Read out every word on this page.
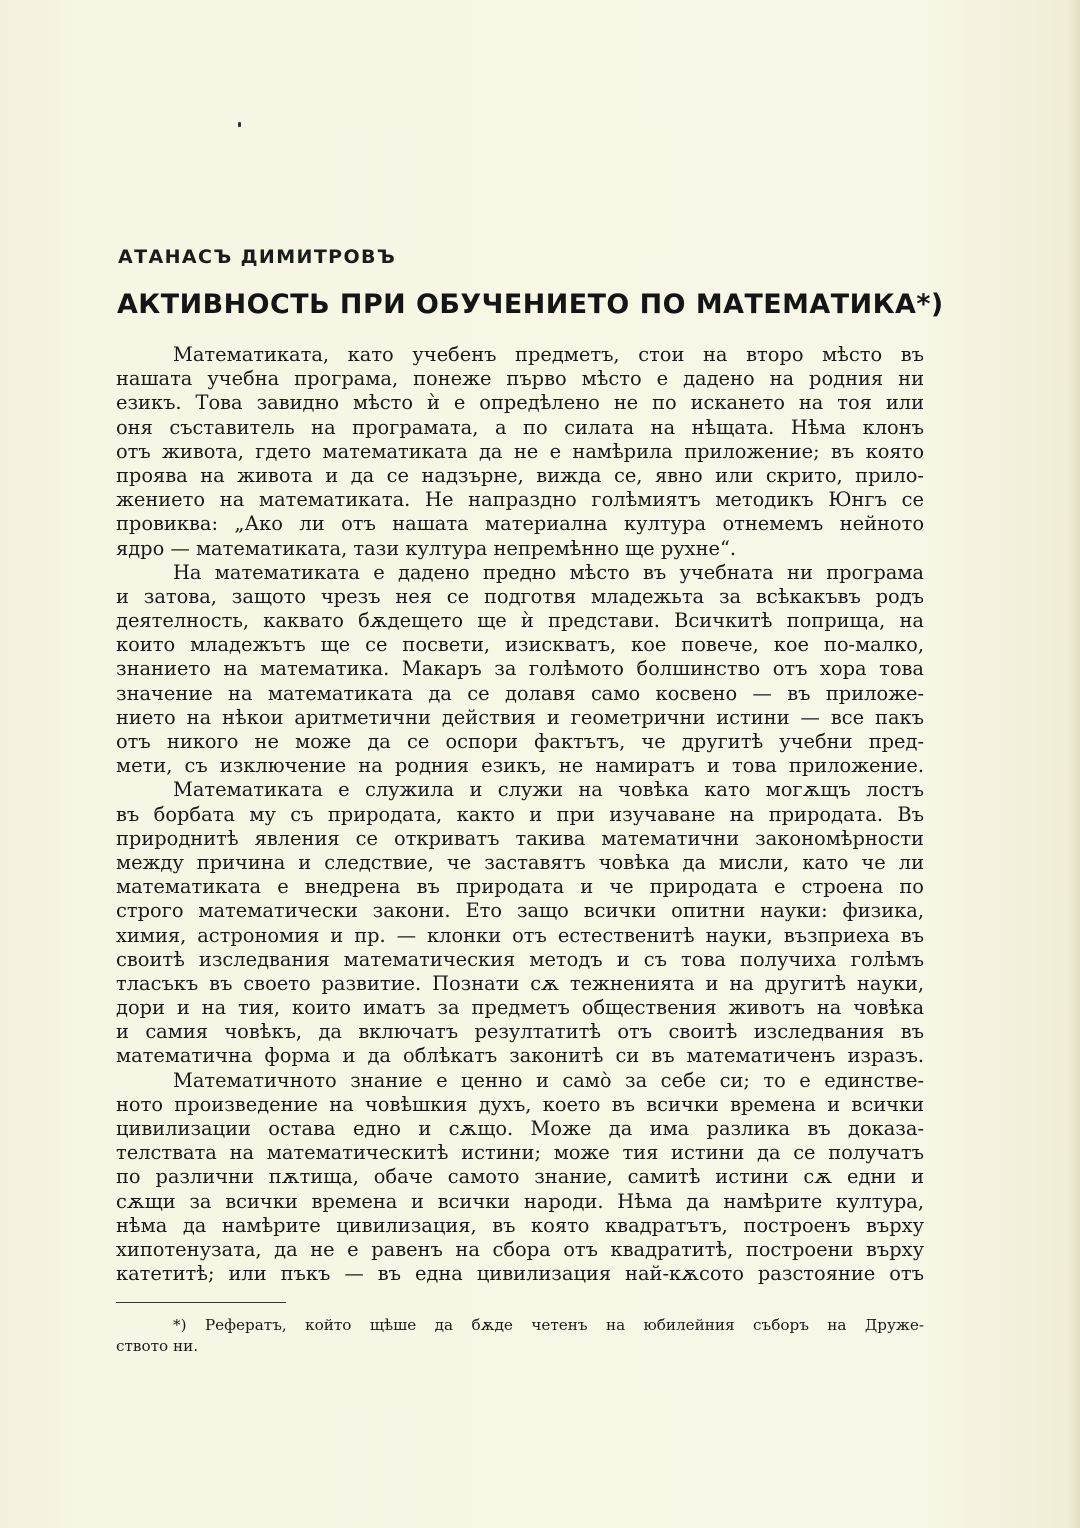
АТАНАСЪ ДИМИТРОВЪ
АКТИВНОСТЬ ПРИ ОБУЧЕНИЕТО ПО МАТЕМАТИКА*)
Математиката, като учебенъ предметъ, стои на второ мѣсто въ
нашата учебна програма, понеже първо мѣсто е дадено на родния ни
езикъ. Това завидно мѣсто ѝ е опредѣлено не по искането на тоя или
оня съставитель на програмата, а по силата на нѣщата. Нѣма клонъ
отъ живота, гдето математиката да не е намѣрила приложение; въ която
проява на живота и да се надзърне, вижда се, явно или скрито, прило-
жението на математиката. Не напраздно голѣмиятъ методикъ Юнгъ се
провиква: „Ако ли отъ нашата материална култура отнемемъ нейното
ядро — математиката, тази култура непремѣнно ще рухне“.
На математиката е дадено предно мѣсто въ учебната ни програма
и затова, защото чрезъ нея се подготвя младежьта за всѣкакъвъ родъ
деятелность, каквато бѫдещето ще ѝ представи. Всичкитѣ поприща, на
които младежътъ ще се посвети, изискватъ, кое повече, кое по-малко,
знанието на математика. Макаръ за голѣмото болшинство отъ хора това
значение на математиката да се долавя само косвено — въ приложе-
нието на нѣкои аритметични действия и геометрични истини — все пакъ
отъ никого не може да се оспори фактътъ, че другитѣ учебни пред-
мети, съ изключение на родния езикъ, не намиратъ и това приложение.
Математиката е служила и служи на човѣка като могѫщъ лостъ
въ борбата му съ природата, както и при изучаване на природата. Въ
природнитѣ явления се откриватъ такива математични закономѣрности
между причина и следствие, че заставятъ човѣка да мисли, като че ли
математиката е внедрена въ природата и че природата е строена по
строго математически закони. Ето защо всички опитни науки: физика,
химия, астрономия и пр. — клонки отъ естественитѣ науки, възприеха въ
своитѣ изследвания математическия методъ и съ това получиха голѣмъ
тласъкъ въ своето развитие. Познати сѫ тежненията и на другитѣ науки,
дори и на тия, които иматъ за предметъ обществения животъ на човѣка
и самия човѣкъ, да включатъ резултатитѣ отъ своитѣ изследвания въ
математична форма и да облѣкатъ законитѣ си въ математиченъ изразъ.
Математичното знание е ценно и само̀ за себе си; то е единстве-
ното произведение на човѣшкия духъ, което въ всички времена и всички
цивилизации остава едно и сѫщо. Може да има разлика въ доказа-
телствата на математическитѣ истини; може тия истини да се получатъ
по различни пѫтища, обаче самото знание, самитѣ истини сѫ едни и
сѫщи за всички времена и всички народи. Нѣма да намѣрите култура,
нѣма да намѣрите цивилизация, въ която квадратътъ, построенъ върху
хипотенузата, да не е равенъ на сбора отъ квадратитѣ, построени върху
катетитѣ; или пъкъ — въ една цивилизация най-кѫсото разстояние отъ
*) Рефератъ, който щѣше да бѫде четенъ на юбилейния съборъ на Друже-
ството ни.
